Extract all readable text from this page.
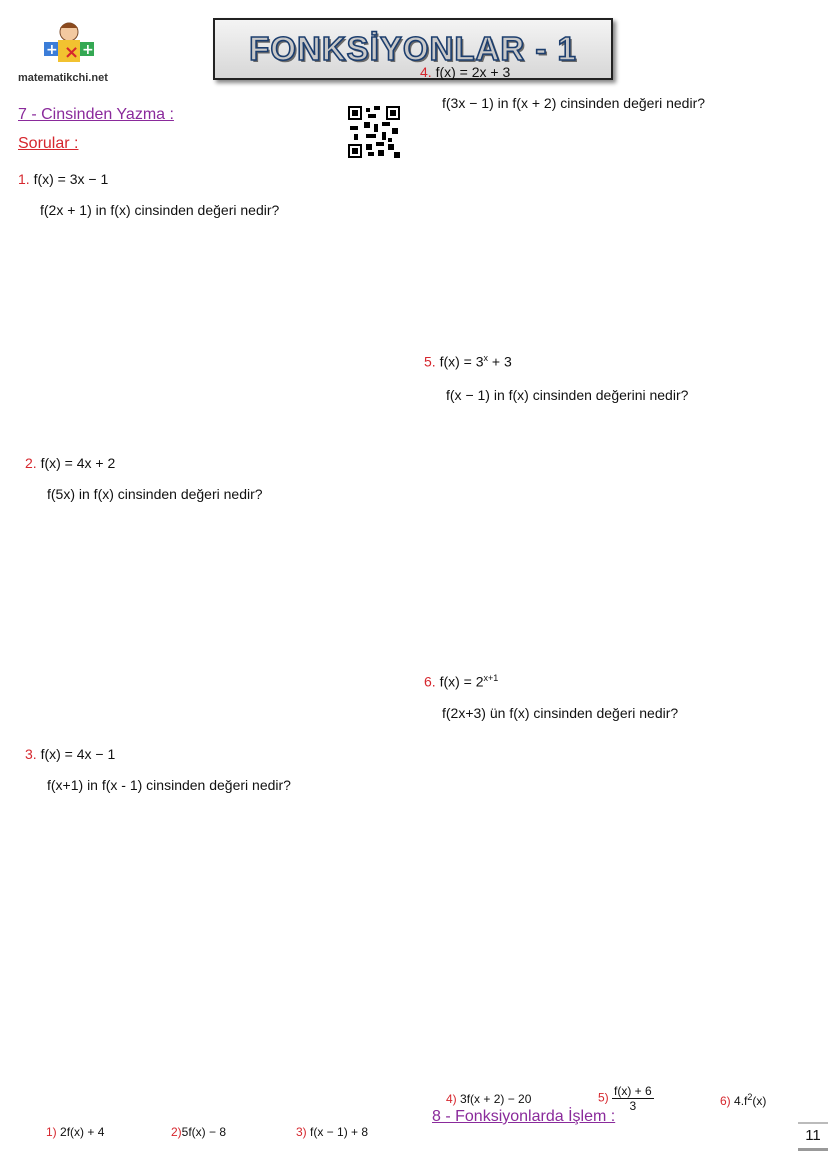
×
+ +
matematikchi.net
FONKSİYONLAR - 1
7 - Cinsinden Yazma :
Sorular :
1. f(x) = 3x − 1
f(2x + 1) in f(x) cinsinden değeri nedir?
2. f(x) = 4x + 2
f(5x) in f(x) cinsinden değeri nedir?
3. f(x) = 4x − 1
f(x+1) in f(x - 1) cinsinden değeri nedir?
4. f(x) = 2x + 3
f(3x − 1) in f(x + 2) cinsinden değeri nedir?
5. $f(x) = 3^x + 3$
f(x − 1) in f(x) cinsinden değerini nedir?
6. $f(x) = 2^{x+1}$
f(2x+3) ün f(x) cinsinden değeri nedir?
1) 2f(x) + 4	2)5f(x) − 8	3) f(x − 1) + 8
4) 3f(x + 2) − 20	$5) \frac{f(x) + 6}{3}$	6) $4.f^2(x)$
8 - Fonksiyonlarda İşlem :
11
